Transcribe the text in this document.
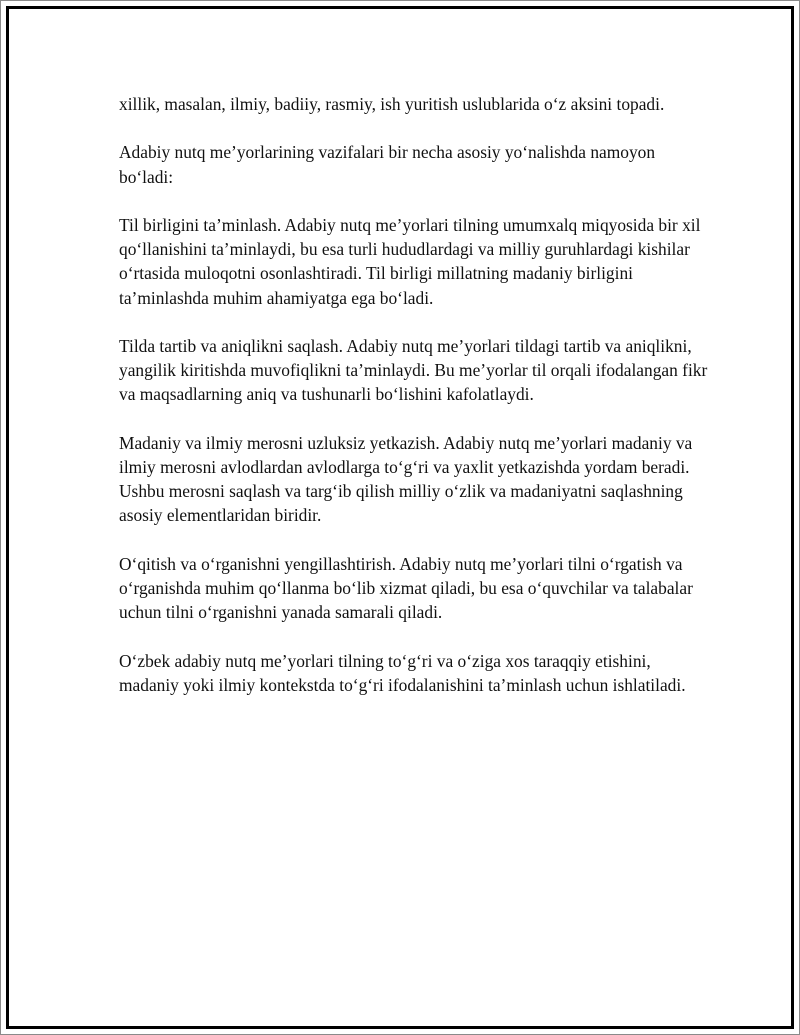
xillik, masalan, ilmiy, badiiy, rasmiy, ish yuritish uslublarida o‘z aksini topadi.

Adabiy nutq me’yorlarining vazifalari bir necha asosiy yo‘nalishda namoyon bo‘ladi:

Til birligini ta’minlash. Adabiy nutq me’yorlari tilning umumxalq miqyosida bir xil qo‘llanishini ta’minlaydi, bu esa turli hududlardagi va milliy guruhlardagi kishilar o‘rtasida muloqotni osonlashtiradi. Til birligi millatning madaniy birligini ta’minlashda muhim ahamiyatga ega bo‘ladi.

Tilda tartib va aniqlikni saqlash. Adabiy nutq me’yorlari tildagi tartib va aniqlikni, yangilik kiritishda muvofiqlikni ta’minlaydi. Bu me’yorlar til orqali ifodalangan fikr va maqsadlarning aniq va tushunarli bo‘lishini kafolatlaydi.

Madaniy va ilmiy merosni uzluksiz yetkazish. Adabiy nutq me’yorlari madaniy va ilmiy merosni avlodlardan avlodlarga to‘g‘ri va yaxlit yetkazishda yordam beradi. Ushbu merosni saqlash va targ‘ib qilish milliy o‘zlik va madaniyatni saqlashning asosiy elementlaridan biridir.

O‘qitish va o‘rganishni yengillashtirish. Adabiy nutq me’yorlari tilni o‘rgatish va o‘rganishda muhim qo‘llanma bo‘lib xizmat qiladi, bu esa o‘quvchilar va talabalar uchun tilni o‘rganishni yanada samarali qiladi.

O‘zbek adabiy nutq me’yorlari tilning to‘g‘ri va o‘ziga xos taraqqiy etishini, madaniy yoki ilmiy kontekstda to‘g‘ri ifodalanishini ta’minlash uchun ishlatiladi.
